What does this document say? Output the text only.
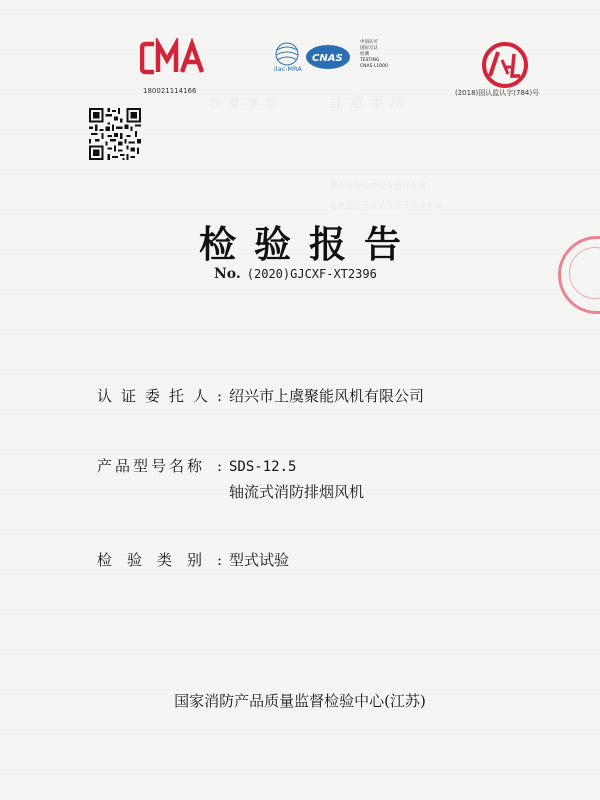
注意事项
注意事项
报告无检验单位专用章无效
复制报告未重新加盖专用章无效
180021114166
ilac-MRA
CNAS
中国认可
国际互认
检测
TESTING
CNAS L1000
(2018)国认监认字(784)号
检验报告
No. (2020)GJCXF-XT2396
认证委托人: 绍兴市上虞聚能风机有限公司
产品型号名称 : SDS-12.5
轴流式消防排烟风机
检验类别: 型式试验
国家消防产品质量监督检验中心(江苏)
